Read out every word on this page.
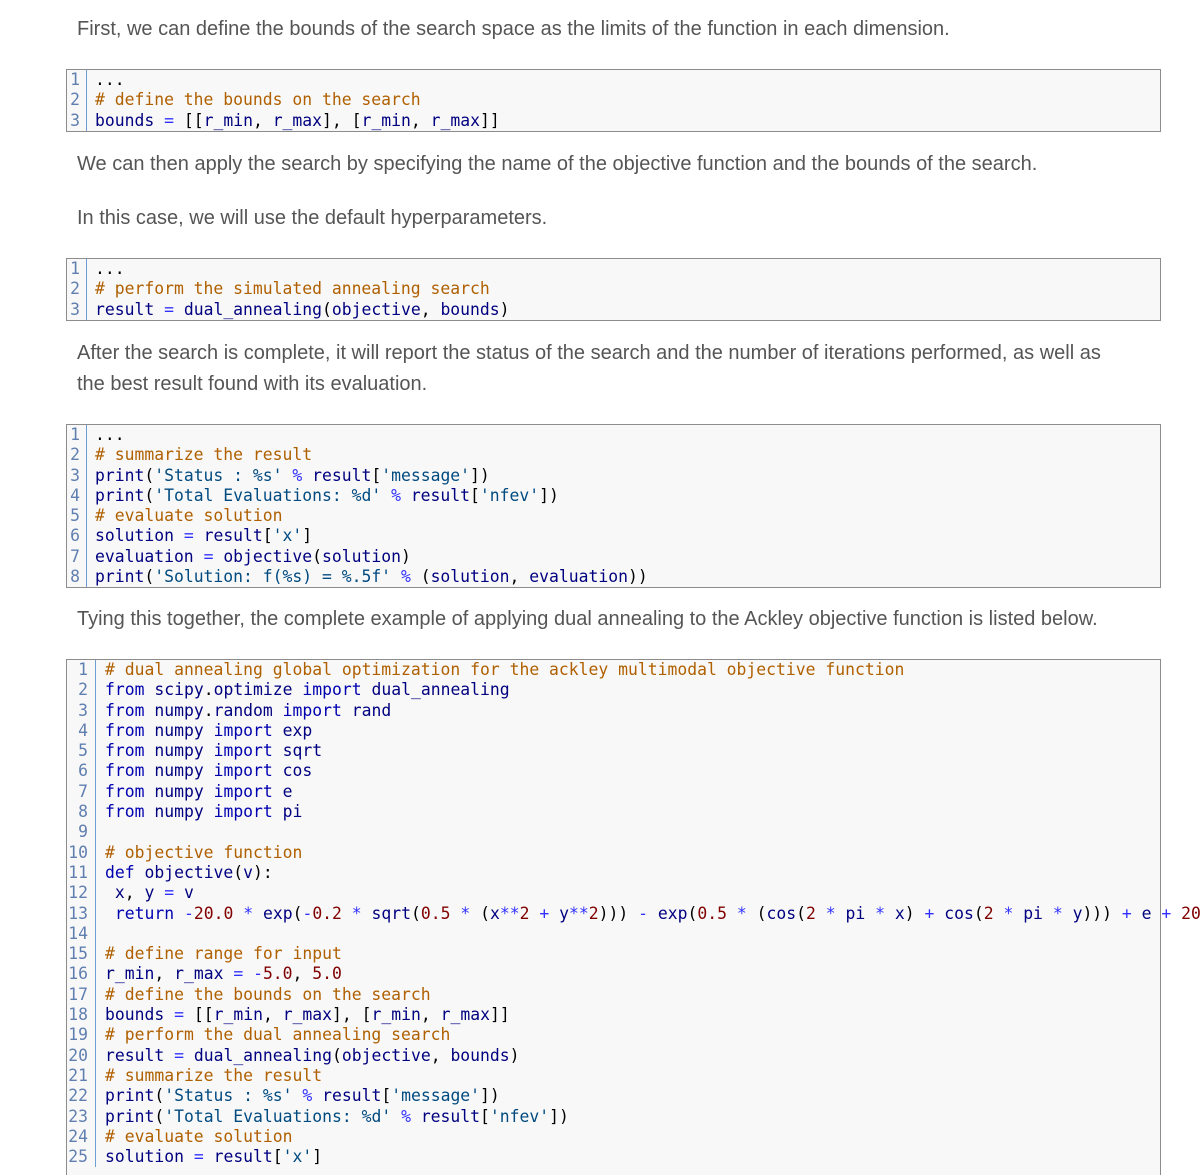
First, we can define the bounds of the search space as the limits of the function in each dimension.

1 ...
2 # define the bounds on the search
3 bounds = [[r_min, r_max], [r_min, r_max]]

We can then apply the search by specifying the name of the objective function and the bounds of the search.

In this case, we will use the default hyperparameters.

1 ...
2 # perform the simulated annealing search
3 result = dual_annealing(objective, bounds)

After the search is complete, it will report the status of the search and the number of iterations performed, as well as

the best result found with its evaluation.

1 ...
2 # summarize the result
3 print('Status : %s' % result['message'])
4 print('Total Evaluations: %d' % result['nfev'])
5 # evaluate solution
6 solution = result['x']
7 evaluation = objective(solution)
8 print('Solution: f(%s) = %.5f' % (solution, evaluation))

Tying this together, the complete example of applying dual annealing to the Ackley objective function is listed below.

1	# dual annealing global optimization for the ackley multimodal objective function
2	from scipy.optimize import dual_annealing
3	from numpy.random import rand
4	from numpy import exp
5	from numpy import sqrt
6	from numpy import cos
7	from numpy import e
8	from numpy import pi
9
10	# objective function
11	def objective(v):
12	x, y = v
13	return -20.0 * exp(-0.2 * sqrt(0.5 * (x**2 + y**2))) - exp(0.5 * (cos(2 * pi * x) + cos(2 * pi * y))) + e + 20
14
15	# define range for input
16	r_min, r_max = -5.0, 5.0
17	# define the bounds on the search
18	bounds = [[r_min, r_max], [r_min, r_max]]
19	# perform the dual annealing search
20	result = dual_annealing(objective, bounds)
21	# summarize the result
22	print('Status : %s' % result['message'])
23	print('Total Evaluations: %d' % result['nfev'])
24	# evaluate solution
25	solution = result['x']
